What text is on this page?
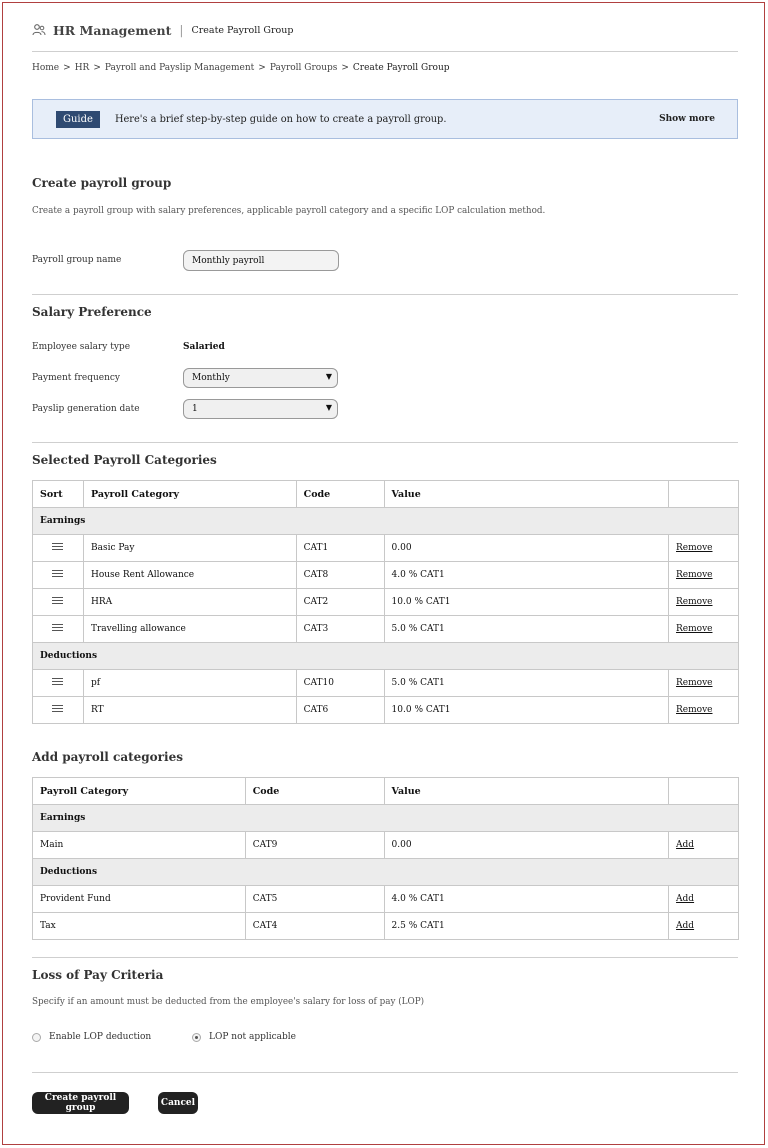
HR Management | Create Payroll Group
Home > HR > Payroll and Payslip Management > Payroll Groups > Create Payroll Group
Guide	Here's a brief step-by-step guide on how to create a payroll group.	Show more
Create payroll group
Create a payroll group with salary preferences, applicable payroll category and a specific LOP calculation method.
Payroll group name
Monthly payroll
Salary Preference
Employee salary type	Salaried
Payment frequency	Monthly	▼
Payslip generation date	1	▼
Selected Payroll Categories
Sort	Payroll Category	Code	Value	
Earnings				

	Basic Pay	CAT1	0.00	Remove

	House Rent Allowance	CAT8	4.0 % CAT1	Remove

	HRA	CAT2	10.0 % CAT1	Remove

	Travelling allowance	CAT3	5.0 % CAT1	Remove
Deductions				

	pf	CAT10	5.0 % CAT1	Remove

	RT	CAT6	10.0 % CAT1	Remove
Add payroll categories
Payroll Category	Code	Value	
Earnings			
Main	CAT9	0.00	Add
Deductions			
Provident Fund	CAT5	4.0 % CAT1	Add
Tax	CAT4	2.5 % CAT1	Add
Loss of Pay Criteria
Specify if an amount must be deducted from the employee's salary for loss of pay (LOP)
Enable LOP deduction	LOP not applicable
Create payroll group	Cancel
